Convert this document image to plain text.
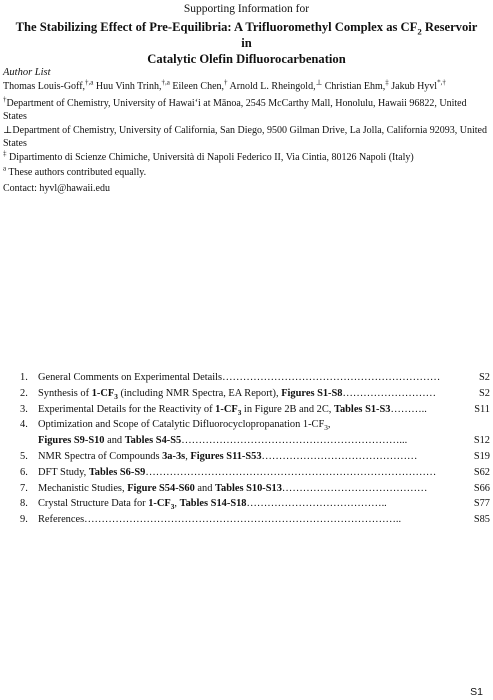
Supporting Information for
The Stabilizing Effect of Pre-Equilibria: A Trifluoromethyl Complex as $CF_2$ Reservoir in
Catalytic Olefin Difluorocarbenation
Author List
Thomas Louis-Goff,$^{\dagger,a}$ Huu Vinh Trinh,$^{\dagger,a}$ Eileen Chen,† Arnold L. Rheingold,⊥ Christian Ehm,‡ Jakub Hyvl*,†
†Department of Chemistry, University of Hawai‘i at Mānoa, 2545 McCarthy Mall, Honolulu, Hawaii 96822, United States
⊥Department of Chemistry, University of California, San Diego, 9500 Gilman Drive, La Jolla, California 92093, United States
‡ Dipartimento di Scienze Chimiche, Università di Napoli Federico II, Via Cintia, 80126 Napoli (Italy)
$^a$ These authors contributed equally.
Contact: hyvl@hawaii.edu
1. General Comments on Experimental Details………………………………………………………	S2
2. Synthesis of $1-CF_3$ (including NMR Spectra, EA Report), Figures S1-S8………………………	S2
3. Experimental Details for the Reactivity of $1-CF_3$ in Figure 2B and 2C, Tables S1-S3………..	S11
4. Optimization and Scope of Catalytic Difluorocyclopropanation $1-CF_3$,
Figures S9-S10 and Tables S4-S5………………………………………………………...	S12
5. NMR Spectra of Compounds 3a-3s, Figures S11-S53………………………………………	S19
6. DFT Study, Tables S6-S9…………………………………………………………………………	S62
7. Mechanistic Studies, Figure S54-S60 and Tables S10-S13……………………………………	S66
8. Crystal Structure Data for $1-CF_3$, Tables S14-S18…………………………………..	S77
9. References………………………………………………………………………………..	S85
S1
